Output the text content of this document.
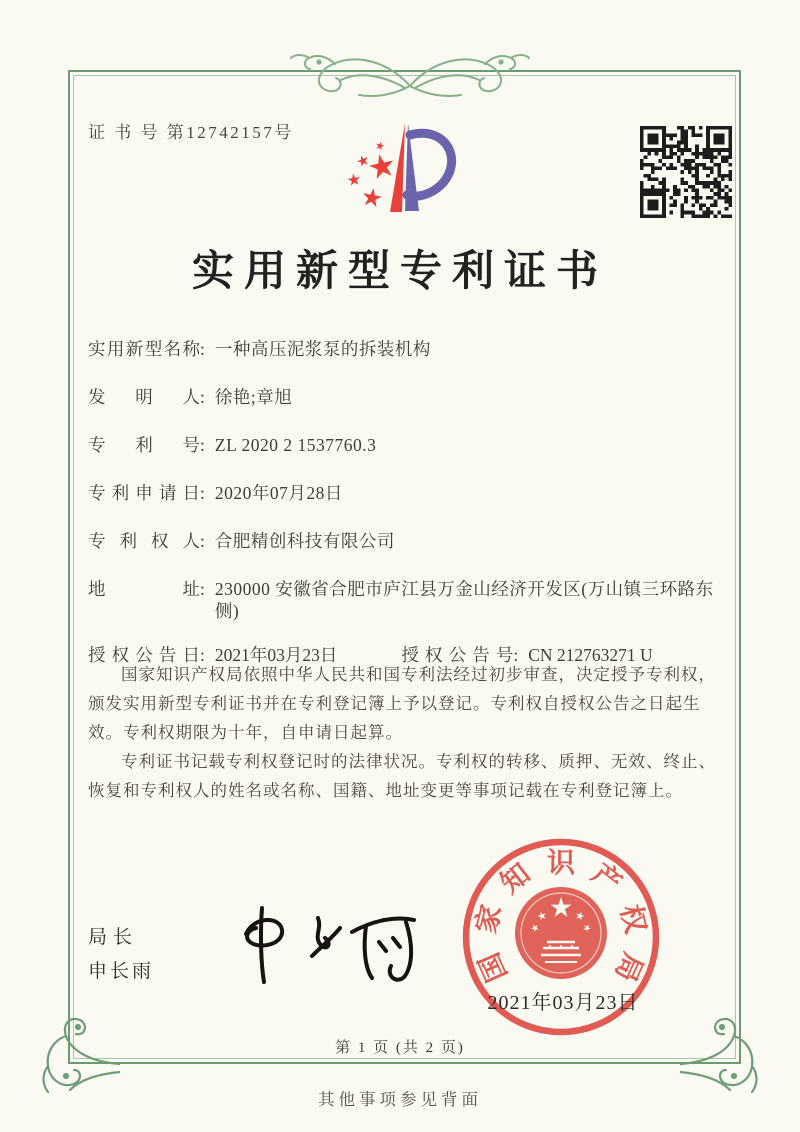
证 书 号 第12742157号
实用新型专利证书
实用新型名称 : 一种高压泥浆泵的拆装机构
发明人 : 徐艳;章旭
专利号 : ZL 2020 2 1537760.3
专利申请日 : 2020年07月28日
专利权人 : 合肥精创科技有限公司
地址 : 230000 安徽省合肥市庐江县万金山经济开发区(万山镇三环路东侧)
授权公告日 : 2021年03月23日	授权公告号 : CN 212763271 U

国家知识产权局依照中华人民共和国专利法经过初步审查，决定授予专利权，颁发实用新型专利证书并在专利登记簿上予以登记。专利权自授权公告之日起生效。专利权期限为十年，自申请日起算。

专利证书记载专利权登记时的法律状况。专利权的转移、质押、无效、终止、恢复和专利权人的姓名或名称、国籍、地址变更等事项记载在专利登记簿上。

局长
申长雨	国
家
知 识 产
权
局
2021年03月23日
第 1 页 (共 2 页)
其他事项参见背面
